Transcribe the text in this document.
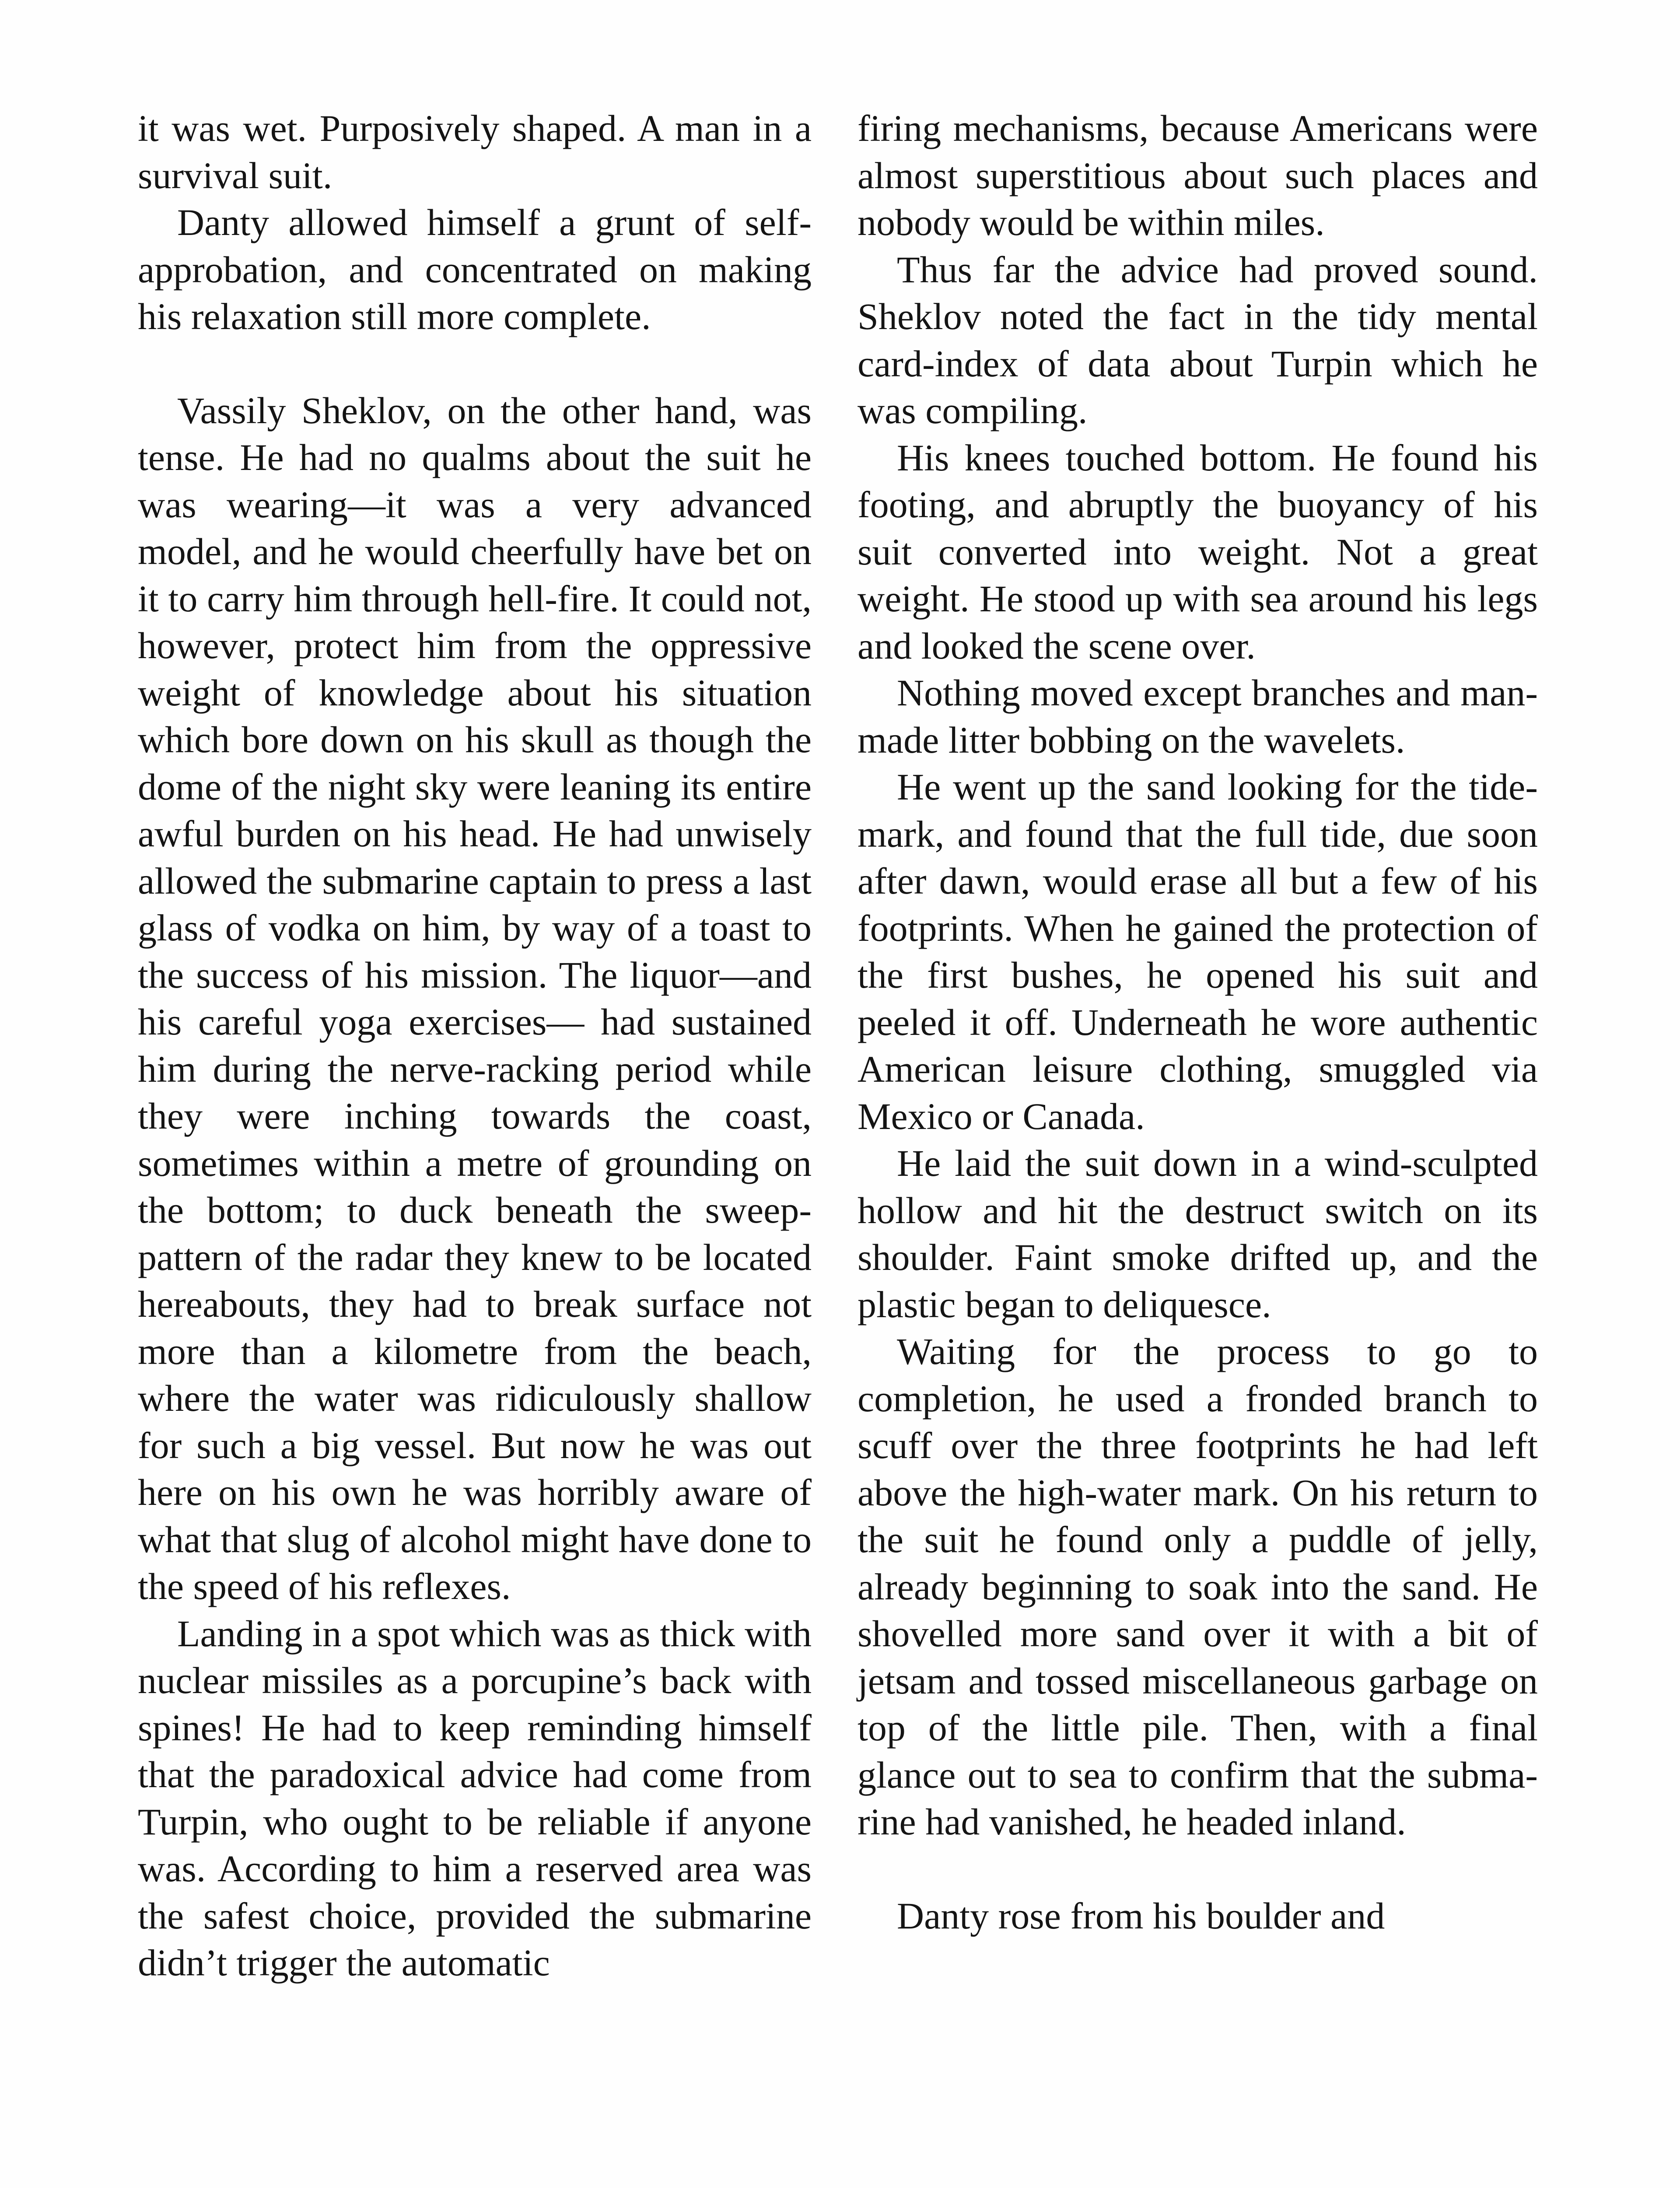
it was wet. Purposively shaped. A man in a survival suit.

Danty allowed himself a grunt of self-approbation, and concentrated on making his relaxation still more complete.

Vassily Sheklov, on the other hand, was tense. He had no qualms about the suit he was wearing—it was a very advanced model, and he would cheerfully have bet on it to carry him through hell-fire. It could not, however, protect him from the oppressive weight of knowledge about his situation which bore down on his skull as though the dome of the night sky were leaning its entire awful burden on his head. He had unwisely allowed the submarine captain to press a last glass of vodka on him, by way of a toast to the success of his mission. The liquor—and his careful yoga exercises— had sustained him during the nerve-racking period while they were inching towards the coast, sometimes within a metre of grounding on the bottom; to duck beneath the sweep-pattern of the radar they knew to be located hereabouts, they had to break surface not more than a kilometre from the beach, where the water was ridiculously shallow for such a big vessel. But now he was out here on his own he was horribly aware of what that slug of alcohol might have done to the speed of his reflexes.

Landing in a spot which was as thick with nuclear missiles as a porcupine’s back with spines! He had to keep reminding himself that the paradoxical advice had come from Turpin, who ought to be reliable if anyone was. According to him a reserved area was the safest choice, provided the submarine didn’t trigger the automatic

firing mechanisms, because Americans were almost superstitious about such places and nobody would be within miles.

Thus far the advice had proved sound. Sheklov noted the fact in the tidy mental card-index of data about Turpin which he was compiling.

His knees touched bottom. He found his footing, and abruptly the buoyancy of his suit converted into weight. Not a great weight. He stood up with sea around his legs and looked the scene over.

Nothing moved except branches and man-made litter bobbing on the wavelets.

He went up the sand looking for the tide-mark, and found that the full tide, due soon after dawn, would erase all but a few of his footprints. When he gained the protection of the first bushes, he opened his suit and peeled it off. Underneath he wore authentic American leisure clothing, smuggled via Mexico or Canada.

He laid the suit down in a wind-sculpted hollow and hit the destruct switch on its shoulder. Faint smoke drifted up, and the plastic began to deliquesce.

Waiting for the process to go to completion, he used a fronded branch to scuff over the three footprints he had left above the high-water mark. On his return to the suit he found only a puddle of jelly, already beginning to soak into the sand. He shovelled more sand over it with a bit of jetsam and tossed miscellaneous garbage on top of the little pile. Then, with a final glance out to sea to confirm that the submarine had vanished, he headed inland.

Danty rose from his boulder and
